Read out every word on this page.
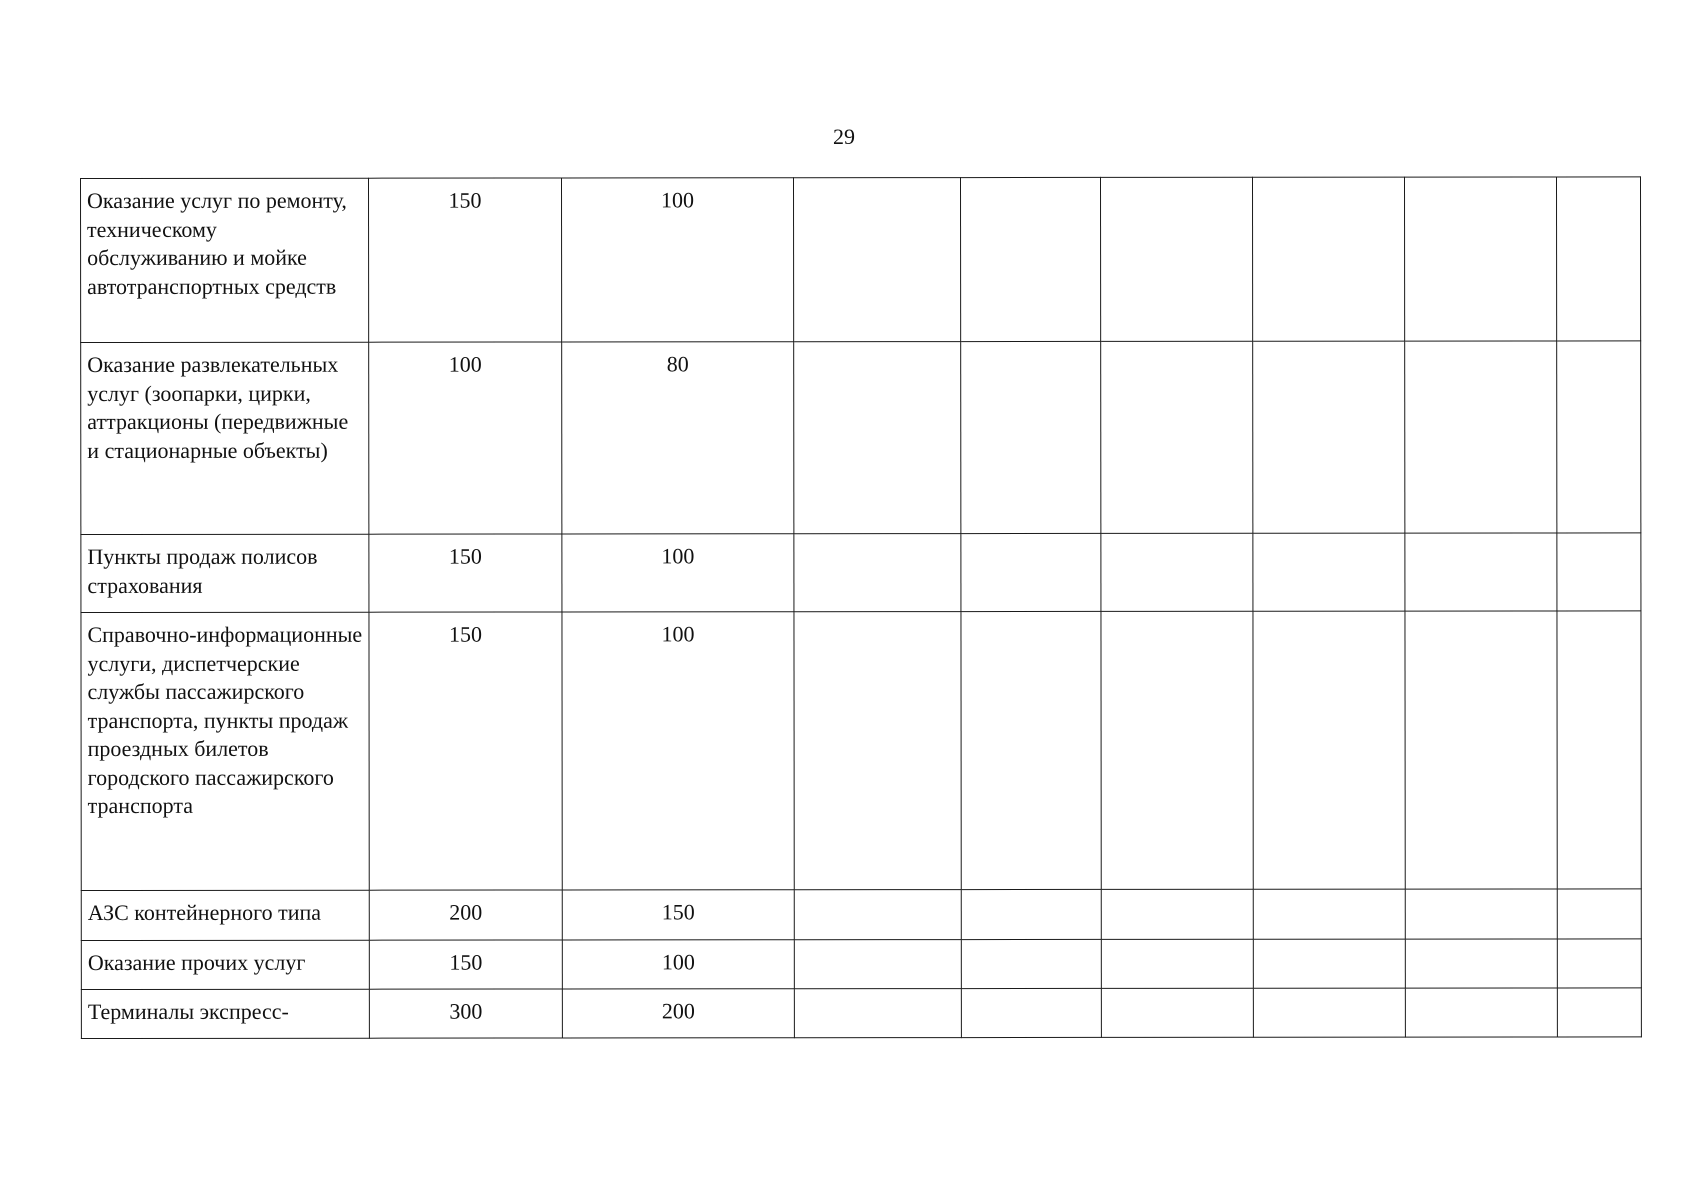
29
Оказание услуг по ремонту, техническому обслуживанию и мойке автотранспортных средств	150	100						
Оказание развлекательных услуг (зоопарки, цирки, аттракционы (передвижные и стационарные объекты)	100	80						
Пункты продаж полисов страхования	150	100						
Справочно-информационные услуги, диспетчерские службы пассажирского транспорта, пункты продаж проездных билетов городского пассажирского транспорта	150	100						
АЗС контейнерного типа	200	150						
Оказание прочих услуг	150	100						
Терминалы экспресс-	300	200						
